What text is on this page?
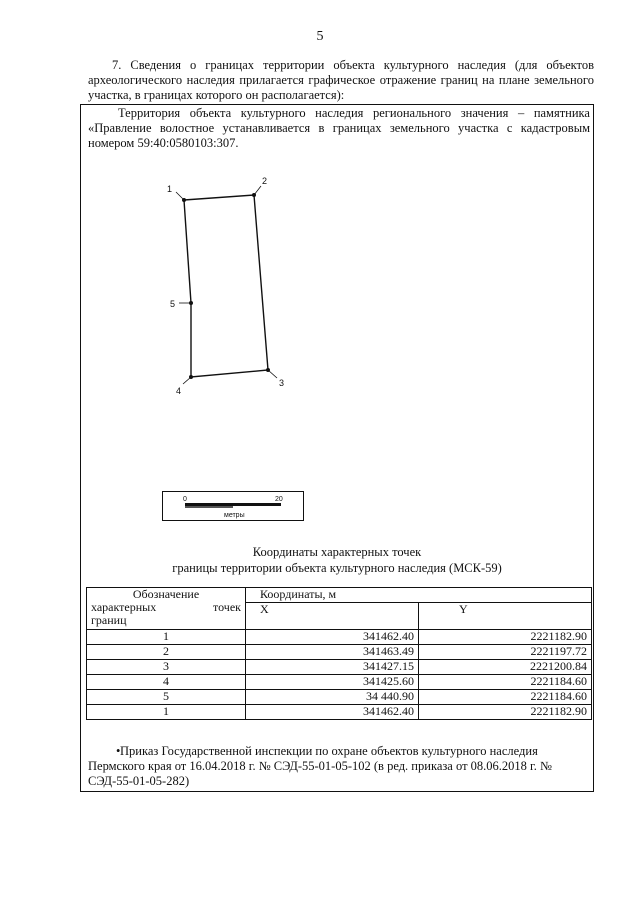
5
7. Сведения о границах территории объекта культурного наследия (для объектов археологического наследия прилагается графическое отражение границ на плане земельного участка, в границах которого он располагается):
Территория объекта культурного наследия регионального значения – памятника «Правление волостное устанавливается в границах земельного участка с кадастровым номером 59:40:0580103:307.
1
2
3
4
5
0	20
метры
Координаты характерных точек
границы территории объекта культурного наследия (МСК-59)
Обозначение
характерных точек
границ	Координаты, м	
	X	Y
1	341462.40	2221182.90
2	341463.49	2221197.72
3	341427.15	2221200.84
4	341425.60	2221184.60
5	34 440.90	2221184.60
1	341462.40	2221182.90
•Приказ Государственной инспекции по охране объектов культурного наследия Пермского края от 16.04.2018 г. № СЭД-55-01-05-102 (в ред. приказа от 08.06.2018 г. № СЭД-55-01-05-282)
